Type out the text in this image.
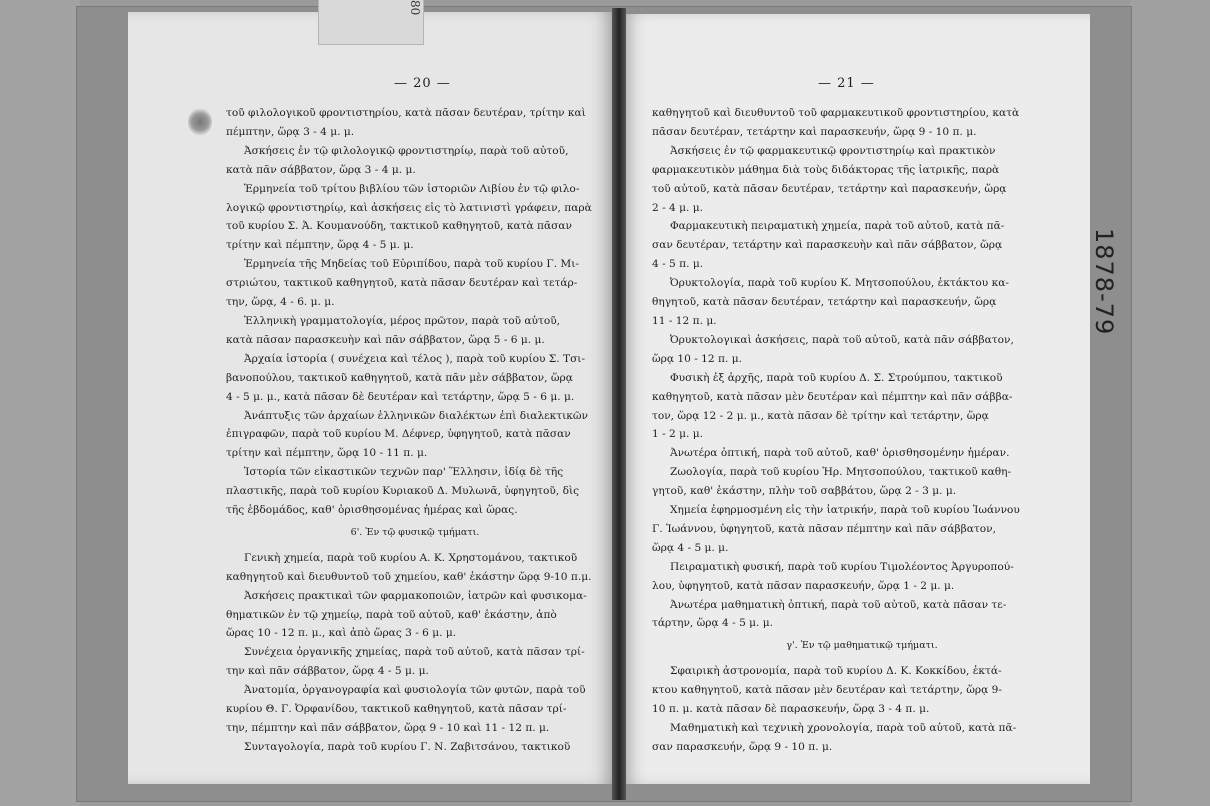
— 20 —

τοῦ φιλολογικοῦ φροντιστηρίου, κατὰ πᾶσαν δευτέραν, τρίτην καὶ

πέμπτην, ὥρᾳ 3 - 4 μ. μ.

Ἀσκήσεις ἐν τῷ φιλολογικῷ φροντιστηρίῳ, παρὰ τοῦ αὐτοῦ,

κατὰ πᾶν σάββατον, ὥρᾳ 3 - 4 μ. μ.

Ἑρμηνεία τοῦ τρίτου βιβλίου τῶν ἱστοριῶν Λιβίου ἐν τῷ φιλο-

λογικῷ φροντιστηρίῳ, καὶ ἀσκήσεις εἰς τὸ λατινιστὶ γράφειν, παρὰ

τοῦ κυρίου Σ. Ἀ. Κουμανούδη, τακτικοῦ καθηγητοῦ, κατὰ πᾶσαν

τρίτην καὶ πέμπτην, ὥρᾳ 4 - 5 μ. μ.

Ἑρμηνεία τῆς Μηδείας τοῦ Εὐριπίδου, παρὰ τοῦ κυρίου Γ. Μι-

στριώτου, τακτικοῦ καθηγητοῦ, κατὰ πᾶσαν δευτέραν καὶ τετάρ-

την, ὥρᾳ, 4 - 6. μ. μ.

Ἑλληνικὴ γραμματολογία, μέρος πρῶτον, παρὰ τοῦ αὐτοῦ,

κατὰ πᾶσαν παρασκευὴν καὶ πᾶν σάββατον, ὥρᾳ 5 - 6 μ. μ.

Ἀρχαία ἱστορία ( συνέχεια καὶ τέλος ), παρὰ τοῦ κυρίου Σ. Τσι-

βανοπούλου, τακτικοῦ καθηγητοῦ, κατὰ πᾶν μὲν σάββατον, ὥρᾳ

4 - 5 μ. μ., κατὰ πᾶσαν δὲ δευτέραν καὶ τετάρτην, ὥρᾳ 5 - 6 μ. μ.

Ἀνάπτυξις τῶν ἀρχαίων ἑλληνικῶν διαλέκτων ἐπὶ διαλεκτικῶν

ἐπιγραφῶν, παρὰ τοῦ κυρίου Μ. Δέφνερ, ὑφηγητοῦ, κατὰ πᾶσαν

τρίτην καὶ πέμπτην, ὥρᾳ 10 - 11 π. μ.

Ἱστορία τῶν εἰκαστικῶν τεχνῶν παρ' Ἕλλησιν, ἰδίᾳ δὲ τῆς

πλαστικῆς, παρὰ τοῦ κυρίου Κυριακοῦ Δ. Μυλωνᾶ, ὑφηγητοῦ, δὶς

τῆς ἑβδομάδος, καθ' ὁρισθησομένας ἡμέρας καὶ ὥρας.

6'. Ἐν τῷ φυσικῷ τμήματι.

Γενικὴ χημεία, παρὰ τοῦ κυρίου Α. Κ. Χρηστομάνου, τακτικοῦ

καθηγητοῦ καὶ διευθυντοῦ τοῦ χημείου, καθ' ἑκάστην ὥρᾳ 9-10 π.μ.

Ἀσκήσεις πρακτικαὶ τῶν φαρμακοποιῶν, ἰατρῶν καὶ φυσικομα-

θηματικῶν ἐν τῷ χημείῳ, παρὰ τοῦ αὐτοῦ, καθ' ἑκάστην, ἀπὸ

ὥρας 10 - 12 π. μ., καὶ ἀπὸ ὥρας 3 - 6 μ. μ.

Συνέχεια ὀργανικῆς χημείας, παρὰ τοῦ αὐτοῦ, κατὰ πᾶσαν τρί-

την καὶ πᾶν σάββατον, ὥρᾳ 4 - 5 μ. μ.

Ἀνατομία, ὀργανογραφία καὶ φυσιολογία τῶν φυτῶν, παρὰ τοῦ

κυρίου Θ. Γ. Ὀρφανίδου, τακτικοῦ καθηγητοῦ, κατὰ πᾶσαν τρί-

την, πέμπτην καὶ πᾶν σάββατον, ὥρᾳ 9 - 10 καὶ 11 - 12 π. μ.

Συνταγολογία, παρὰ τοῦ κυρίου Γ. Ν. Ζαβιτσάνου, τακτικοῦ

— 21 —

καθηγητοῦ καὶ διευθυντοῦ τοῦ φαρμακευτικοῦ φροντιστηρίου, κατὰ

πᾶσαν δευτέραν, τετάρτην καὶ παρασκευήν, ὥρᾳ 9 - 10 π. μ.

Ἀσκήσεις ἐν τῷ φαρμακευτικῷ φροντιστηρίῳ καὶ πρακτικὸν

φαρμακευτικὸν μάθημα διὰ τοὺς διδάκτορας τῆς ἰατρικῆς, παρὰ

τοῦ αὐτοῦ, κατὰ πᾶσαν δευτέραν, τετάρτην καὶ παρασκευήν, ὥρᾳ

2 - 4 μ. μ.

Φαρμακευτικὴ πειραματικὴ χημεία, παρὰ τοῦ αὐτοῦ, κατὰ πᾶ-

σαν δευτέραν, τετάρτην καὶ παρασκευὴν καὶ πᾶν σάββατον, ὥρᾳ

4 - 5 π. μ.

Ὀρυκτολογία, παρὰ τοῦ κυρίου Κ. Μητσοπούλου, ἐκτάκτου κα-

θηγητοῦ, κατὰ πᾶσαν δευτέραν, τετάρτην καὶ παρασκευήν, ὥρᾳ

11 - 12 π. μ.

Ὀρυκτολογικαὶ ἀσκήσεις, παρὰ τοῦ αὐτοῦ, κατὰ πᾶν σάββατον,

ὥρᾳ 10 - 12 π. μ.

Φυσικὴ ἐξ ἀρχῆς, παρὰ τοῦ κυρίου Δ. Σ. Στρούμπου, τακτικοῦ

καθηγητοῦ, κατὰ πᾶσαν μὲν δευτέραν καὶ πέμπτην καὶ πᾶν σάββα-

τον, ὥρᾳ 12 - 2 μ. μ., κατὰ πᾶσαν δὲ τρίτην καὶ τετάρτην, ὥρᾳ

1 - 2 μ. μ.

Ἀνωτέρα ὀπτική, παρὰ τοῦ αὐτοῦ, καθ' ὁρισθησομένην ἡμέραν.

Ζωολογία, παρὰ τοῦ κυρίου Ἡρ. Μητσοπούλου, τακτικοῦ καθη-

γητοῦ, καθ' ἑκάστην, πλὴν τοῦ σαββάτου, ὥρᾳ 2 - 3 μ. μ.

Χημεία ἐφηρμοσμένη εἰς τὴν ἰατρικήν, παρὰ τοῦ κυρίου Ἰωάννου

Γ. Ἰωάννου, ὑφηγητοῦ, κατὰ πᾶσαν πέμπτην καὶ πᾶν σάββατον,

ὥρᾳ 4 - 5 μ. μ.

Πειραματικὴ φυσική, παρὰ τοῦ κυρίου Τιμολέοντος Ἀργυροπού-

λου, ὑφηγητοῦ, κατὰ πᾶσαν παρασκευήν, ὥρᾳ 1 - 2 μ. μ.

Ἀνωτέρα μαθηματικὴ ὀπτική, παρὰ τοῦ αὐτοῦ, κατὰ πᾶσαν τε-

τάρτην, ὥρᾳ 4 - 5 μ. μ.

γ'. Ἐν τῷ μαθηματικῷ τμήματι.

Σφαιρικὴ ἀστρονομία, παρὰ τοῦ κυρίου Δ. Κ. Κοκκίδου, ἐκτά-

κτου καθηγητοῦ, κατὰ πᾶσαν μὲν δευτέραν καὶ τετάρτην, ὥρᾳ 9-

10 π. μ. κατὰ πᾶσαν δὲ παρασκευήν, ὥρᾳ 3 - 4 π. μ.

Μαθηματικὴ καὶ τεχνικὴ χρονολογία, παρὰ τοῦ αὐτοῦ, κατὰ πᾶ-

σαν παρασκευήν, ὥρᾳ 9 - 10 π. μ.

80
1878-79
